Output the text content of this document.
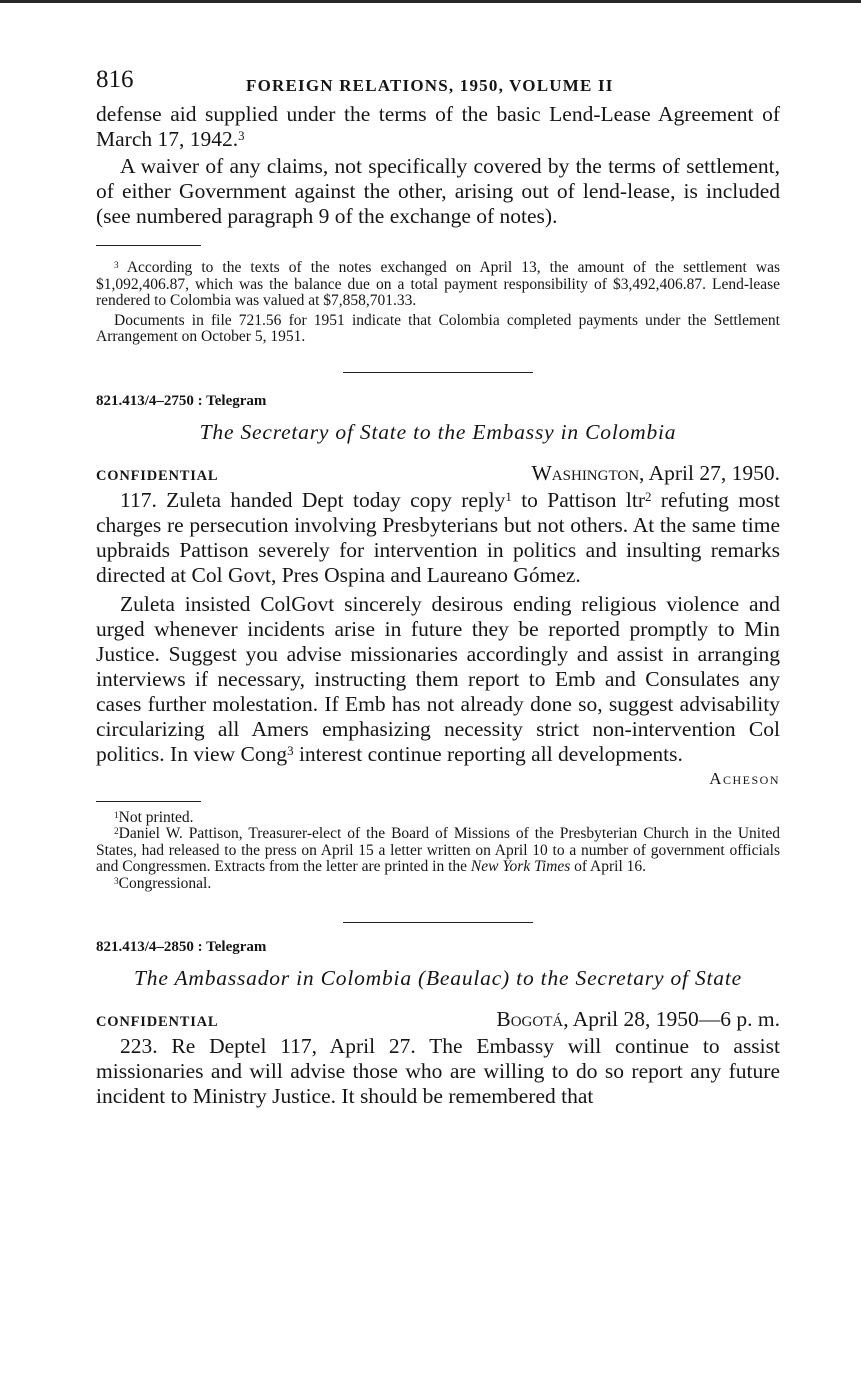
816	FOREIGN RELATIONS, 1950, VOLUME II

defense aid supplied under the terms of the basic Lend-Lease Agreement of March 17, 1942.$^3$

A waiver of any claims, not specifically covered by the terms of settlement, of either Government against the other, arising out of lend-lease, is included (see numbered paragraph 9 of the exchange of notes).

$^3$ According to the texts of the notes exchanged on April 13, the amount of the settlement was $1,092,406.87, which was the balance due on a total payment responsibility of $3,492,406.87. Lend-lease rendered to Colombia was valued at $7,858,701.33.

Documents in file 721.56 for 1951 indicate that Colombia completed payments under the Settlement Arrangement on October 5, 1951.

821.413/4–2750 : Telegram

The Secretary of State to the Embassy in Colombia

CONFIDENTIAL	Washington, April 27, 1950.

117. Zuleta handed Dept today copy reply$^1$ to Pattison ltr$^2$ refuting most charges re persecution involving Presbyterians but not others. At the same time upbraids Pattison severely for intervention in politics and insulting remarks directed at Col Govt, Pres Ospina and Laureano Gómez.

Zuleta insisted ColGovt sincerely desirous ending religious violence and urged whenever incidents arise in future they be reported promptly to Min Justice. Suggest you advise missionaries accordingly and assist in arranging interviews if necessary, instructing them report to Emb and Consulates any cases further molestation. If Emb has not already done so, suggest advisability circularizing all Amers emphasizing necessity strict non-intervention Col politics. In view Cong$^3$ interest continue reporting all developments.

Acheson

$^1$Not printed.

$^2$Daniel W. Pattison, Treasurer-elect of the Board of Missions of the Presbyterian Church in the United States, had released to the press on April 15 a letter written on April 10 to a number of government officials and Congressmen. Extracts from the letter are printed in the New York Times of April 16.

$^3$Congressional.

821.413/4–2850 : Telegram

The Ambassador in Colombia (Beaulac) to the Secretary of State

CONFIDENTIAL	Bogotá, April 28, 1950—6 p. m.

223. Re Deptel 117, April 27. The Embassy will continue to assist missionaries and will advise those who are willing to do so report any future incident to Ministry Justice. It should be remembered that
